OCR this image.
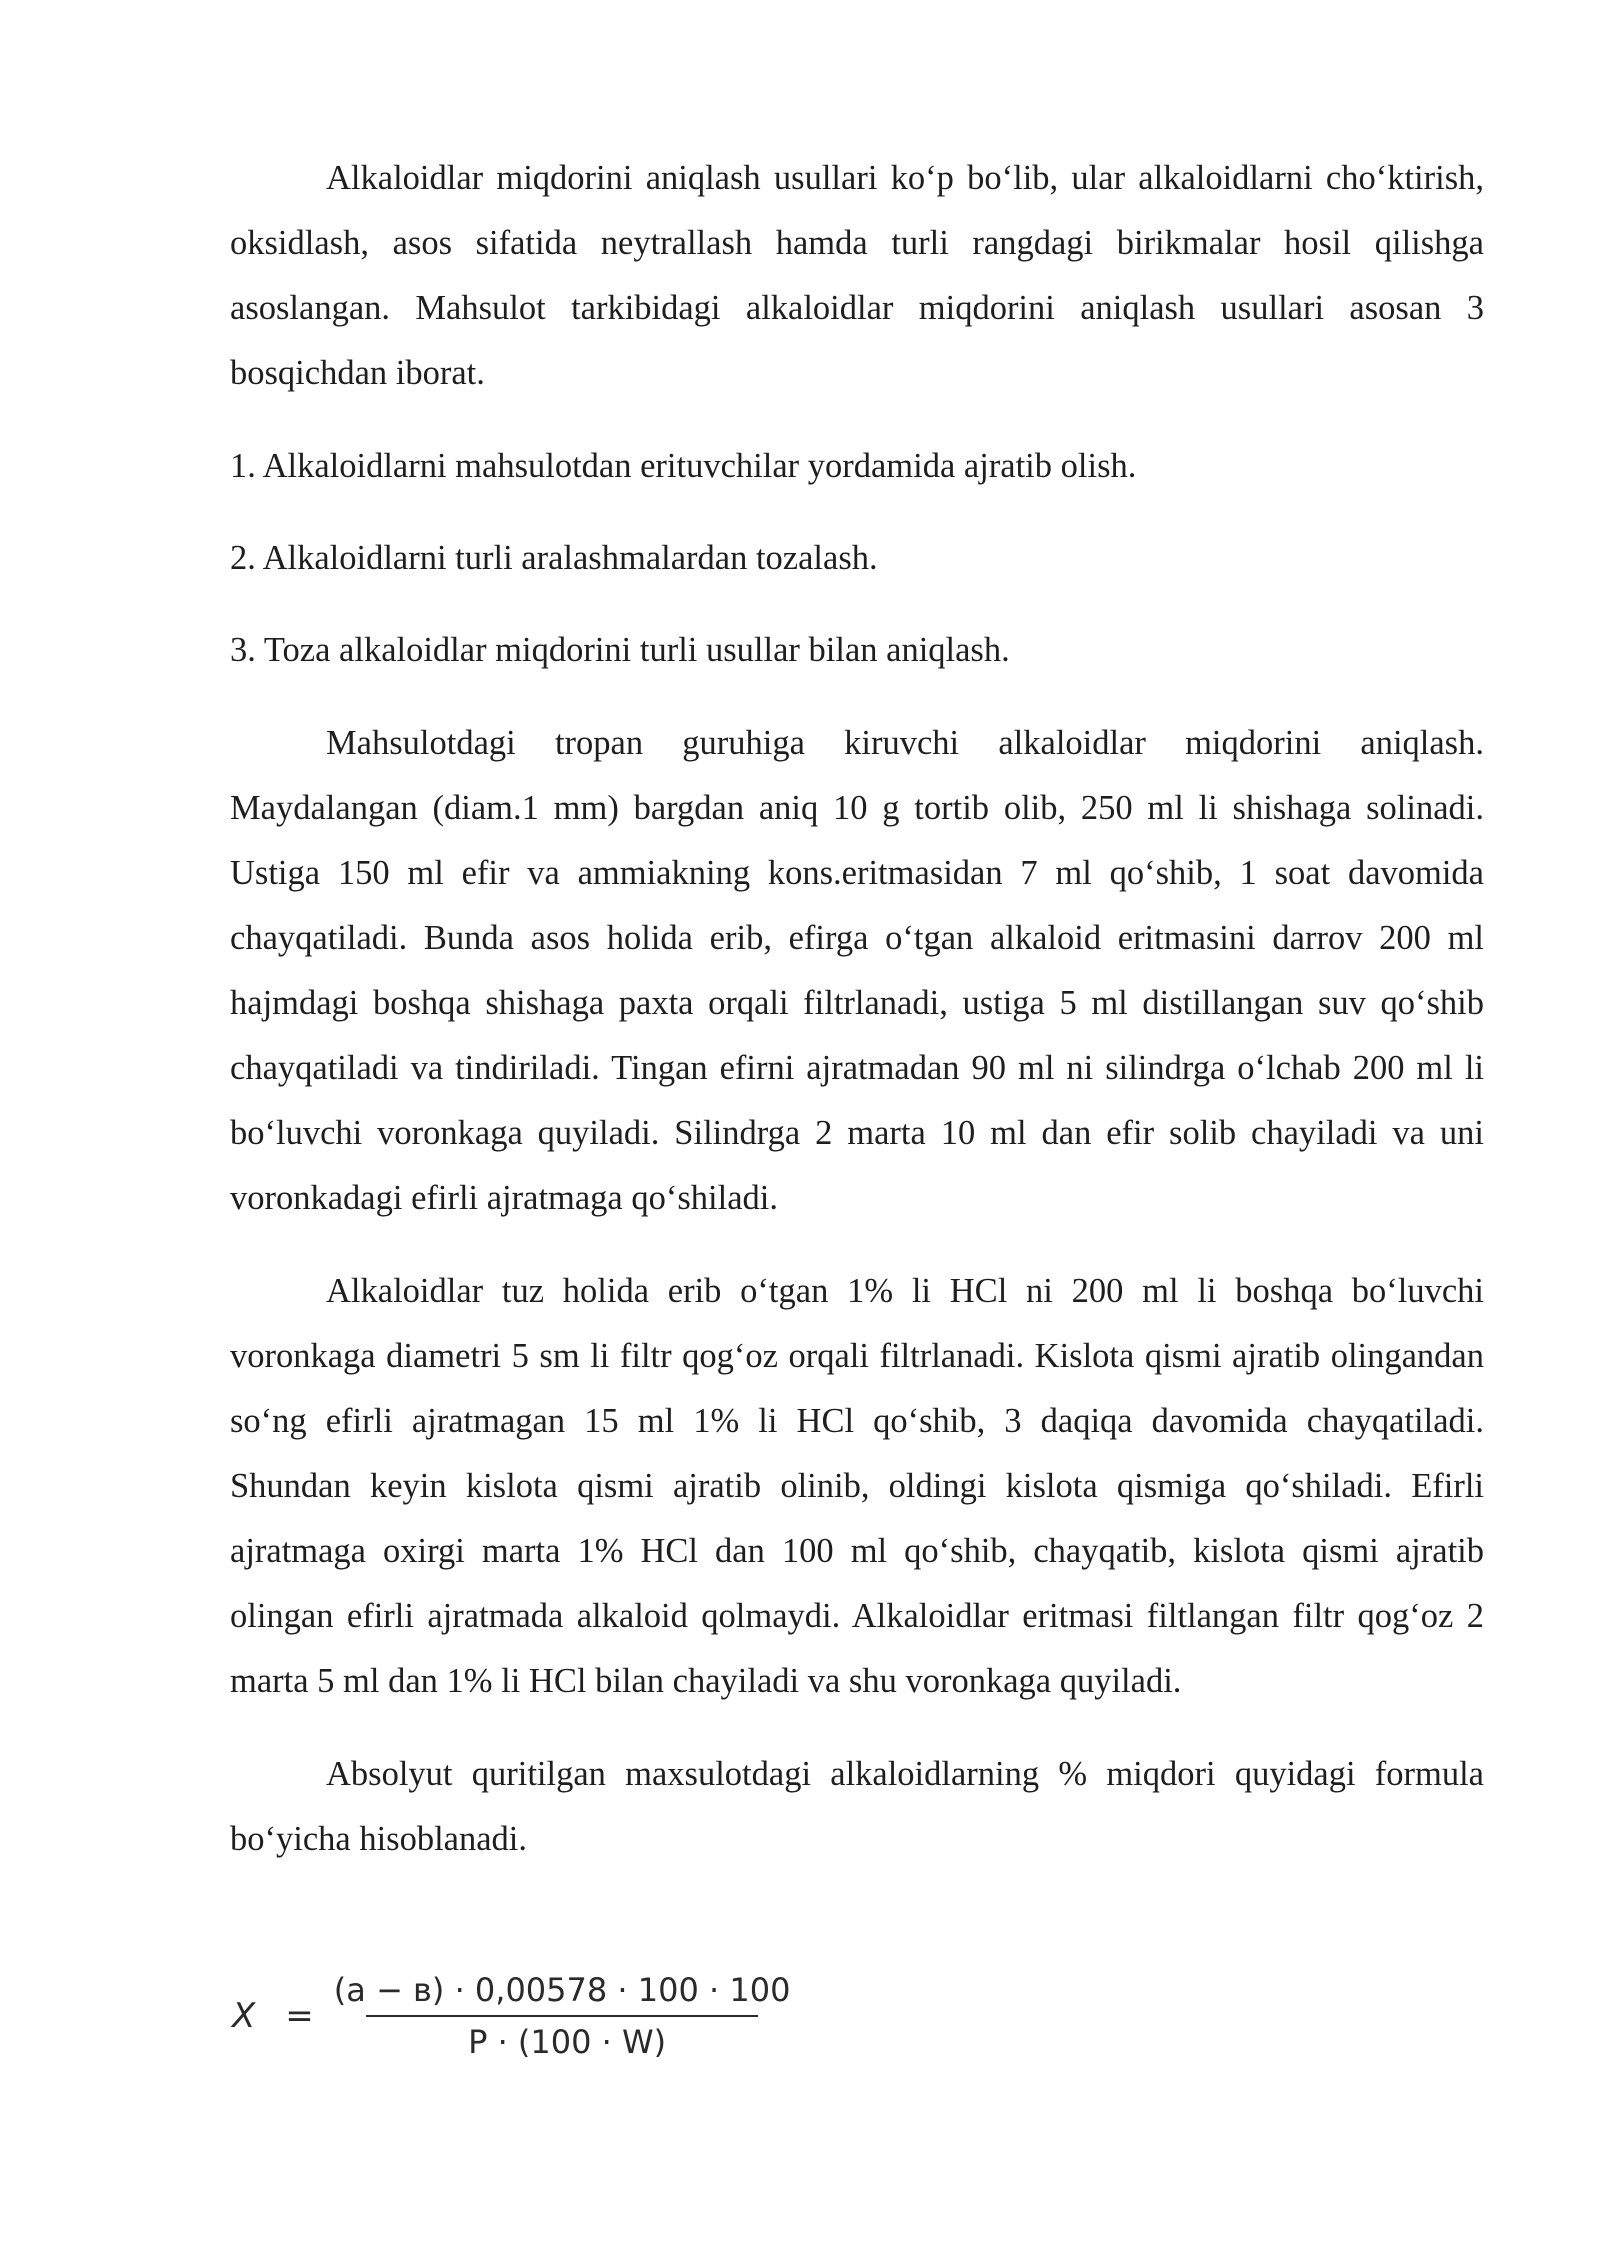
Alkaloidlar miqdorini aniqlash usullari koʻp boʻlib, ular alkaloidlarni choʻktirish, oksidlash, asos sifatida neytrallash hamda turli rangdagi birikmalar hosil qilishga asoslangan. Mahsulot tarkibidagi alkaloidlar miqdorini aniqlash usullari asosan 3 bosqichdan iborat.

1. Alkaloidlarni mahsulotdan erituvchilar yordamida ajratib olish.

2. Alkaloidlarni turli aralashmalardan tozalash.

3. Toza alkaloidlar miqdorini turli usullar bilan aniqlash.

Mahsulotdagi tropan guruhiga kiruvchi alkaloidlar miqdorini aniqlash. Maydalangan (diam.1 mm) bargdan aniq 10 g tortib olib, 250 ml li shishaga solinadi. Ustiga 150 ml efir va ammiakning kons.eritmasidan 7 ml qoʻshib, 1 soat davomida chayqatiladi. Bunda asos holida erib, efirga oʻtgan alkaloid eritmasini darrov 200 ml hajmdagi boshqa shishaga paxta orqali filtrlanadi, ustiga 5 ml distillangan suv qoʻshib chayqatiladi va tindiriladi. Tingan efirni ajratmadan 90 ml ni silindrga oʻlchab 200 ml li boʻluvchi voronkaga quyiladi. Silindrga 2 marta 10 ml dan efir solib chayiladi va uni voronkadagi efirli ajratmaga qoʻshiladi.

Alkaloidlar tuz holida erib oʻtgan 1% li HCl ni 200 ml li boshqa boʻluvchi voronkaga diametri 5 sm li filtr qogʻoz orqali filtrlanadi. Kislota qismi ajratib olingandan soʻng efirli ajratmagan 15 ml 1% li HCl qoʻshib, 3 daqiqa davomida chayqatiladi. Shundan keyin kislota qismi ajratib olinib, oldingi kislota qismiga qoʻshiladi. Efirli ajratmaga oxirgi marta 1% HCl dan 100 ml qoʻshib, chayqatib, kislota qismi ajratib olingan efirli ajratmada alkaloid qolmaydi. Alkaloidlar eritmasi filtlangan filtr qogʻoz 2 marta 5 ml dan 1% li HCl bilan chayiladi va shu voronkaga quyiladi.

Absolyut quritilgan maxsulotdagi alkaloidlarning % miqdori quyidagi formula boʻyicha hisoblanadi.

$X = \frac{(a - в) \cdot 0,00578 \cdot 100 \cdot 100}{P \cdot (100 \cdot W)}$
